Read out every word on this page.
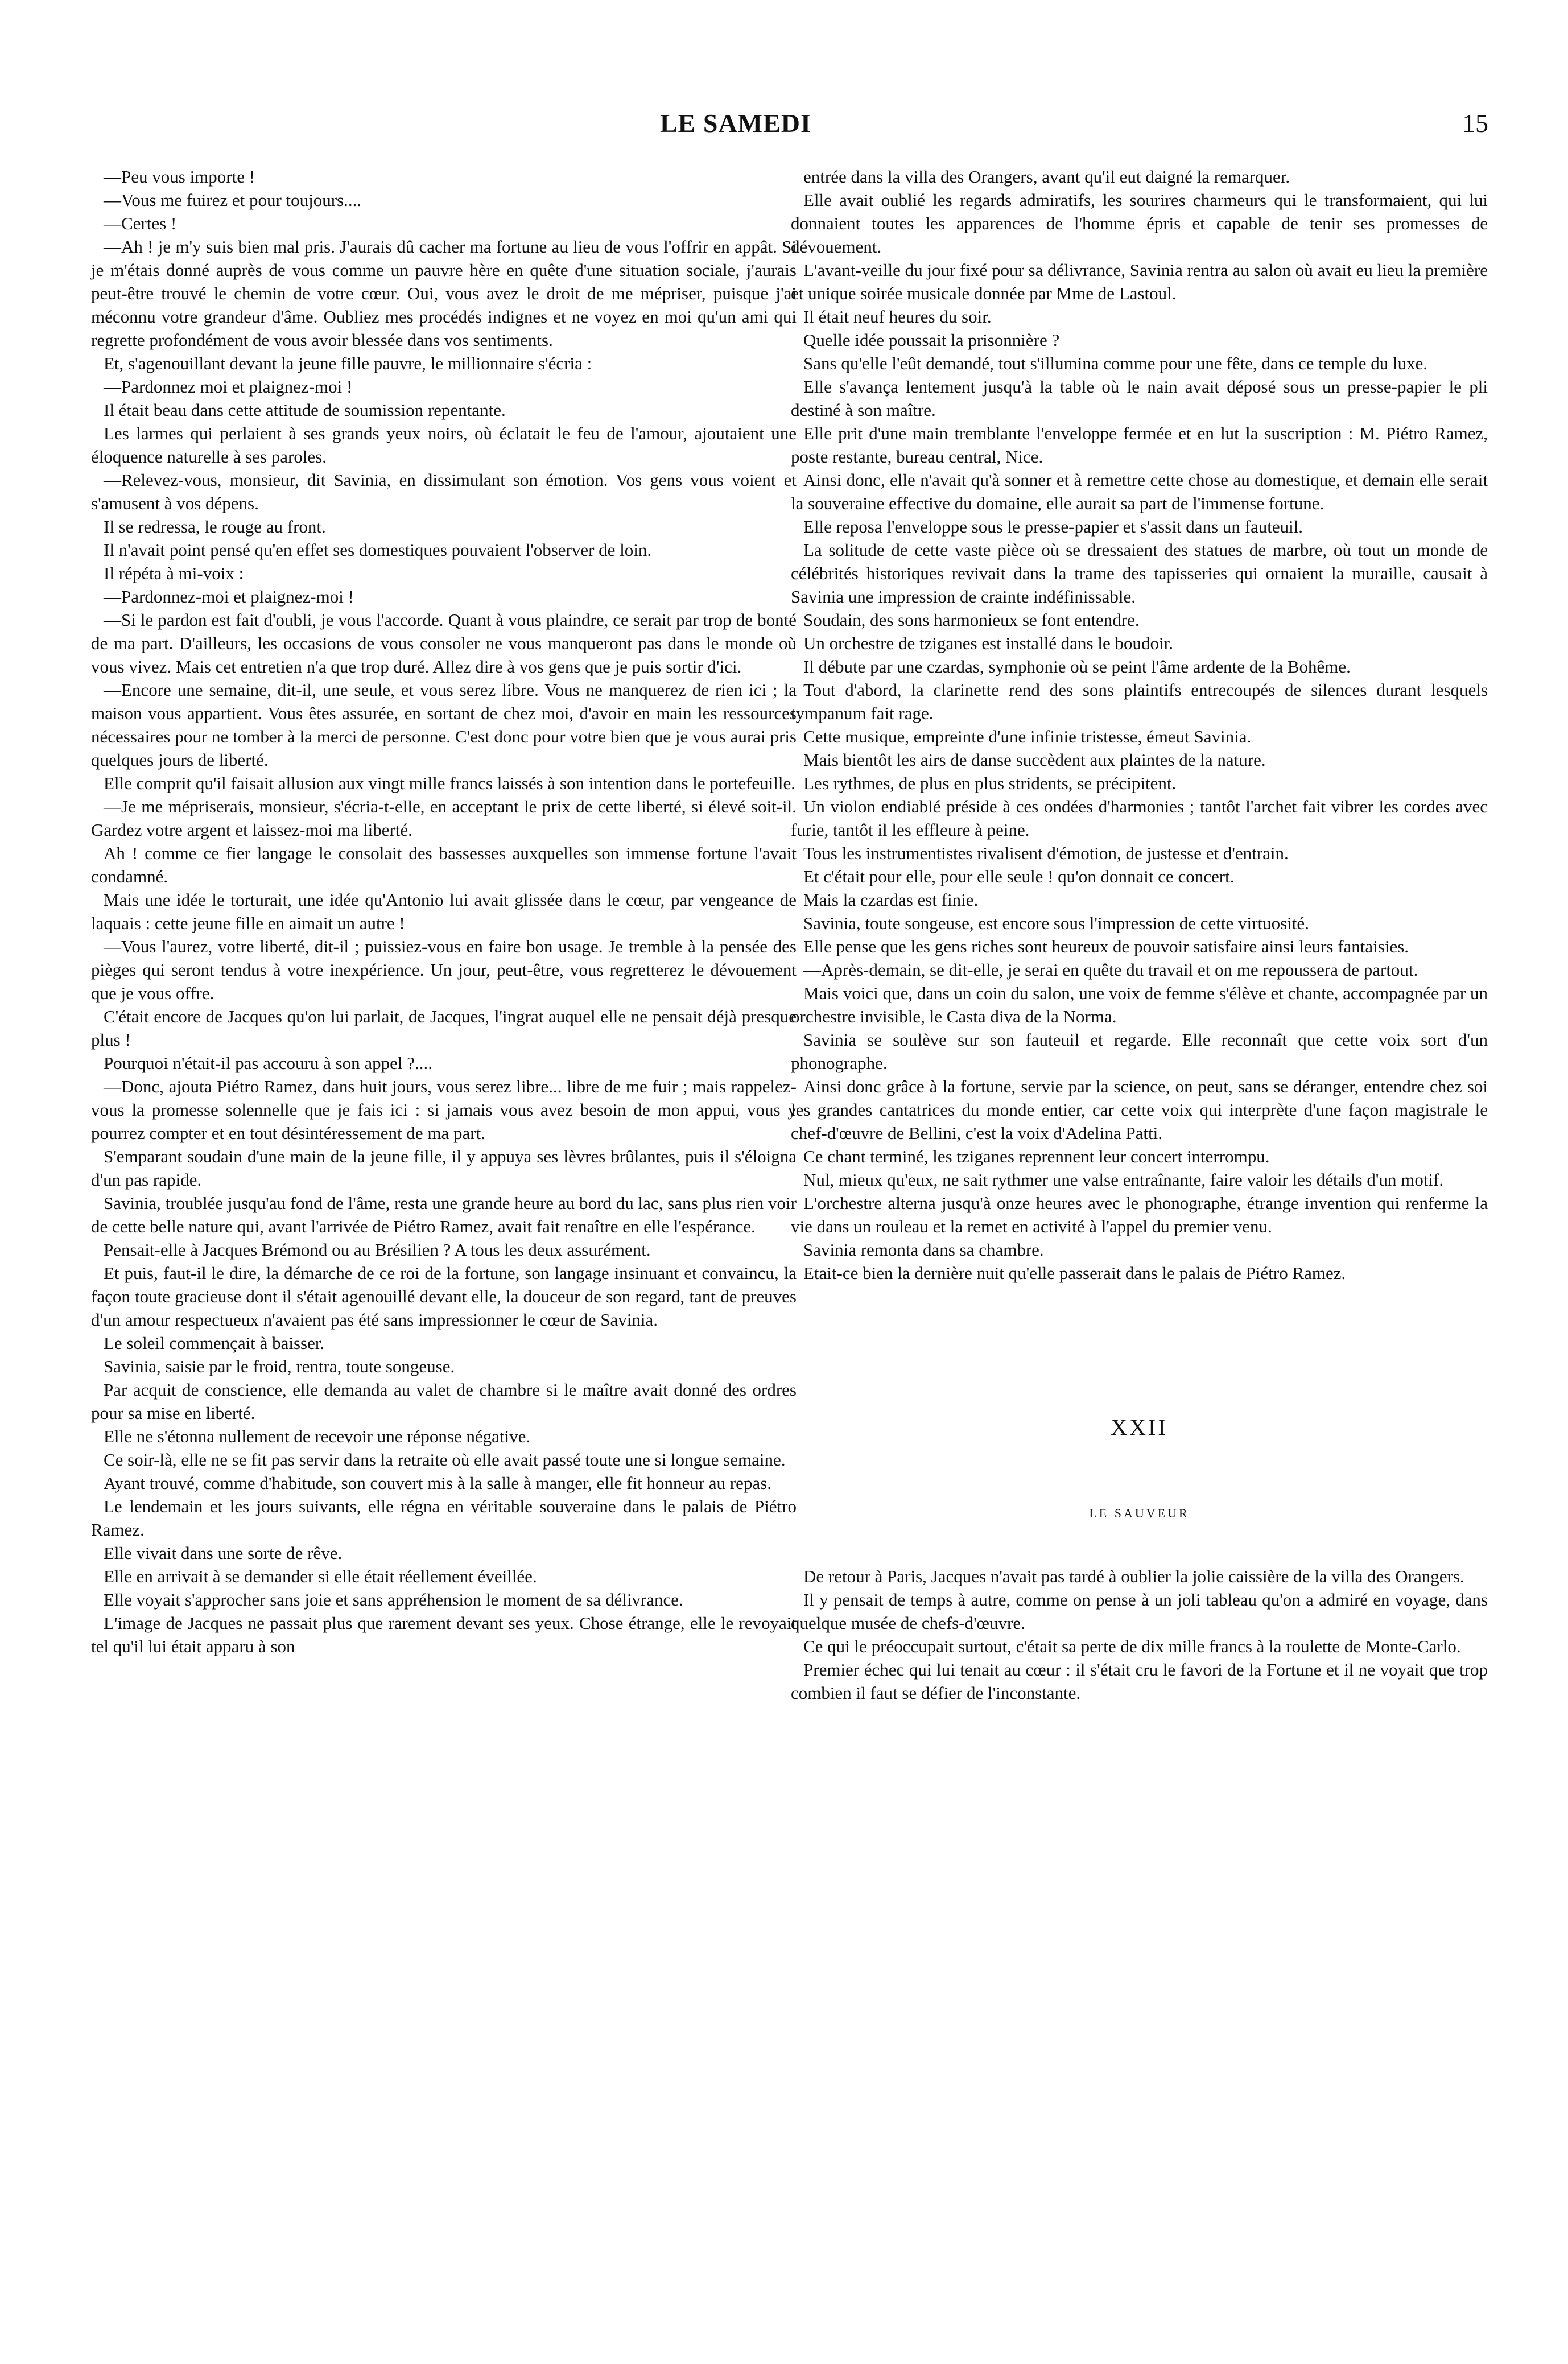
LE SAMEDI	15

—Peu vous importe !

—Vous me fuirez et pour toujours....

—Certes !

—Ah ! je m'y suis bien mal pris. J'aurais dû cacher ma fortune au lieu de vous l'offrir en appât. Si je m'étais donné auprès de vous comme un pauvre hère en quête d'une situation sociale, j'aurais peut-être trouvé le chemin de votre cœur. Oui, vous avez le droit de me mépriser, puisque j'ai méconnu votre grandeur d'âme. Oubliez mes procédés indignes et ne voyez en moi qu'un ami qui regrette profondément de vous avoir blessée dans vos sentiments.

Et, s'agenouillant devant la jeune fille pauvre, le millionnaire s'écria :

—Pardonnez moi et plaignez-moi !

Il était beau dans cette attitude de soumission repentante.

Les larmes qui perlaient à ses grands yeux noirs, où éclatait le feu de l'amour, ajoutaient une éloquence naturelle à ses paroles.

—Relevez-vous, monsieur, dit Savinia, en dissimulant son émotion. Vos gens vous voient et s'amusent à vos dépens.

Il se redressa, le rouge au front.

Il n'avait point pensé qu'en effet ses domestiques pouvaient l'observer de loin.

Il répéta à mi-voix :

—Pardonnez-moi et plaignez-moi !

—Si le pardon est fait d'oubli, je vous l'accorde. Quant à vous plaindre, ce serait par trop de bonté de ma part. D'ailleurs, les occasions de vous consoler ne vous manqueront pas dans le monde où vous vivez. Mais cet entretien n'a que trop duré. Allez dire à vos gens que je puis sortir d'ici.

—Encore une semaine, dit-il, une seule, et vous serez libre. Vous ne manquerez de rien ici ; la maison vous appartient. Vous êtes assurée, en sortant de chez moi, d'avoir en main les ressources nécessaires pour ne tomber à la merci de personne. C'est donc pour votre bien que je vous aurai pris quelques jours de liberté.

Elle comprit qu'il faisait allusion aux vingt mille francs laissés à son intention dans le portefeuille.

—Je me mépriserais, monsieur, s'écria-t-elle, en acceptant le prix de cette liberté, si élevé soit-il. Gardez votre argent et laissez-moi ma liberté.

Ah ! comme ce fier langage le consolait des bassesses auxquelles son immense fortune l'avait condamné.

Mais une idée le torturait, une idée qu'Antonio lui avait glissée dans le cœur, par vengeance de laquais : cette jeune fille en aimait un autre !

—Vous l'aurez, votre liberté, dit-il ; puissiez-vous en faire bon usage. Je tremble à la pensée des pièges qui seront tendus à votre inexpérience. Un jour, peut-être, vous regretterez le dévouement que je vous offre.

C'était encore de Jacques qu'on lui parlait, de Jacques, l'ingrat auquel elle ne pensait déjà presque plus !

Pourquoi n'était-il pas accouru à son appel ?....

—Donc, ajouta Piétro Ramez, dans huit jours, vous serez libre... libre de me fuir ; mais rappelez-vous la promesse solennelle que je fais ici : si jamais vous avez besoin de mon appui, vous y pourrez compter et en tout désintéressement de ma part.

S'emparant soudain d'une main de la jeune fille, il y appuya ses lèvres brûlantes, puis il s'éloigna d'un pas rapide.

Savinia, troublée jusqu'au fond de l'âme, resta une grande heure au bord du lac, sans plus rien voir de cette belle nature qui, avant l'arrivée de Piétro Ramez, avait fait renaître en elle l'espérance.

Pensait-elle à Jacques Brémond ou au Brésilien ? A tous les deux assurément.

Et puis, faut-il le dire, la démarche de ce roi de la fortune, son langage insinuant et convaincu, la façon toute gracieuse dont il s'était agenouillé devant elle, la douceur de son regard, tant de preuves d'un amour respectueux n'avaient pas été sans impressionner le cœur de Savinia.

Le soleil commençait à baisser.

Savinia, saisie par le froid, rentra, toute songeuse.

Par acquit de conscience, elle demanda au valet de chambre si le maître avait donné des ordres pour sa mise en liberté.

Elle ne s'étonna nullement de recevoir une réponse négative.

Ce soir-là, elle ne se fit pas servir dans la retraite où elle avait passé toute une si longue semaine.

Ayant trouvé, comme d'habitude, son couvert mis à la salle à manger, elle fit honneur au repas.

Le lendemain et les jours suivants, elle régna en véritable souveraine dans le palais de Piétro Ramez.

Elle vivait dans une sorte de rêve.

Elle en arrivait à se demander si elle était réellement éveillée.

Elle voyait s'approcher sans joie et sans appréhension le moment de sa délivrance.

L'image de Jacques ne passait plus que rarement devant ses yeux. Chose étrange, elle le revoyait tel qu'il lui était apparu à son

entrée dans la villa des Orangers, avant qu'il eut daigné la remarquer.

Elle avait oublié les regards admiratifs, les sourires charmeurs qui le transformaient, qui lui donnaient toutes les apparences de l'homme épris et capable de tenir ses promesses de dévouement.

L'avant-veille du jour fixé pour sa délivrance, Savinia rentra au salon où avait eu lieu la première et unique soirée musicale donnée par Mme de Lastoul.

Il était neuf heures du soir.

Quelle idée poussait la prisonnière ?

Sans qu'elle l'eût demandé, tout s'illumina comme pour une fête, dans ce temple du luxe.

Elle s'avança lentement jusqu'à la table où le nain avait déposé sous un presse-papier le pli destiné à son maître.

Elle prit d'une main tremblante l'enveloppe fermée et en lut la suscription : M. Piétro Ramez, poste restante, bureau central, Nice.

Ainsi donc, elle n'avait qu'à sonner et à remettre cette chose au domestique, et demain elle serait la souveraine effective du domaine, elle aurait sa part de l'immense fortune.

Elle reposa l'enveloppe sous le presse-papier et s'assit dans un fauteuil.

La solitude de cette vaste pièce où se dressaient des statues de marbre, où tout un monde de célébrités historiques revivait dans la trame des tapisseries qui ornaient la muraille, causait à Savinia une impression de crainte indéfinissable.

Soudain, des sons harmonieux se font entendre.

Un orchestre de tziganes est installé dans le boudoir.

Il débute par une czardas, symphonie où se peint l'âme ardente de la Bohême.

Tout d'abord, la clarinette rend des sons plaintifs entrecoupés de silences durant lesquels tympanum fait rage.

Cette musique, empreinte d'une infinie tristesse, émeut Savinia.

Mais bientôt les airs de danse succèdent aux plaintes de la nature.

Les rythmes, de plus en plus stridents, se précipitent.

Un violon endiablé préside à ces ondées d'harmonies ; tantôt l'archet fait vibrer les cordes avec furie, tantôt il les effleure à peine.

Tous les instrumentistes rivalisent d'émotion, de justesse et d'entrain.

Et c'était pour elle, pour elle seule ! qu'on donnait ce concert.

Mais la czardas est finie.

Savinia, toute songeuse, est encore sous l'impression de cette virtuosité.

Elle pense que les gens riches sont heureux de pouvoir satisfaire ainsi leurs fantaisies.

—Après-demain, se dit-elle, je serai en quête du travail et on me repoussera de partout.

Mais voici que, dans un coin du salon, une voix de femme s'élève et chante, accompagnée par un orchestre invisible, le Casta diva de la Norma.

Savinia se soulève sur son fauteuil et regarde. Elle reconnaît que cette voix sort d'un phonographe.

Ainsi donc grâce à la fortune, servie par la science, on peut, sans se déranger, entendre chez soi les grandes cantatrices du monde entier, car cette voix qui interprète d'une façon magistrale le chef-d'œuvre de Bellini, c'est la voix d'Adelina Patti.

Ce chant terminé, les tziganes reprennent leur concert interrompu.

Nul, mieux qu'eux, ne sait rythmer une valse entraînante, faire valoir les détails d'un motif.

L'orchestre alterna jusqu'à onze heures avec le phonographe, étrange invention qui renferme la vie dans un rouleau et la remet en activité à l'appel du premier venu.

Savinia remonta dans sa chambre.

Etait-ce bien la dernière nuit qu'elle passerait dans le palais de Piétro Ramez.

XXII

LE SAUVEUR

De retour à Paris, Jacques n'avait pas tardé à oublier la jolie caissière de la villa des Orangers.

Il y pensait de temps à autre, comme on pense à un joli tableau qu'on a admiré en voyage, dans quelque musée de chefs-d'œuvre.

Ce qui le préoccupait surtout, c'était sa perte de dix mille francs à la roulette de Monte-Carlo.

Premier échec qui lui tenait au cœur : il s'était cru le favori de la Fortune et il ne voyait que trop combien il faut se défier de l'inconstante.
